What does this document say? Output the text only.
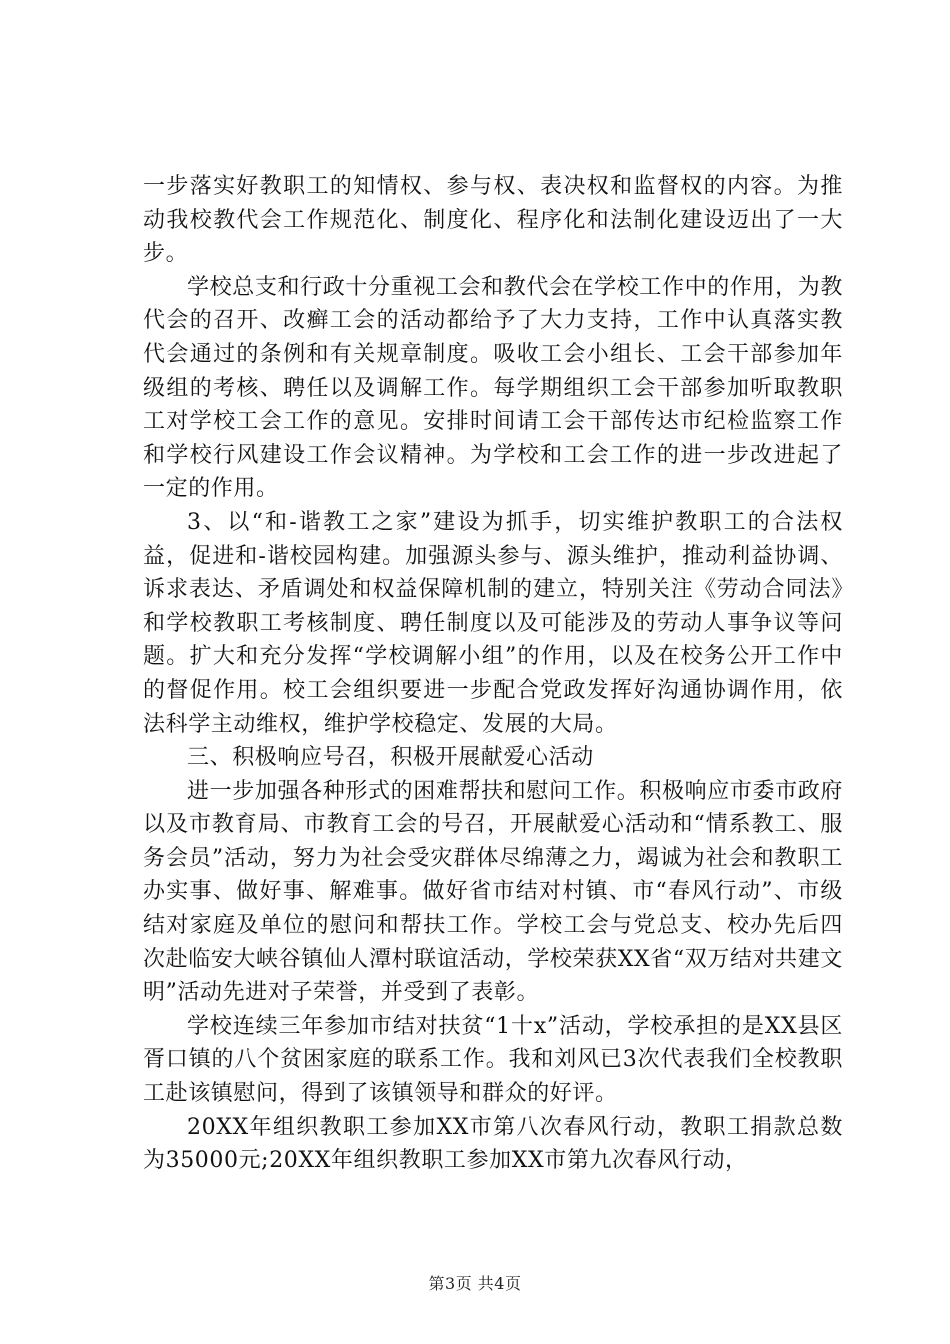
一步落实好教职工的知情权、参与权、表决权和监督权的内容。为推动我校教代会工作规范化、制度化、程序化和法制化建设迈出了一大步。

学校总支和行政十分重视工会和教代会在学校工作中的作用，为教代会的召开、改癣工会的活动都给予了大力支持，工作中认真落实教代会通过的条例和有关规章制度。吸收工会小组长、工会干部参加年级组的考核、聘任以及调解工作。每学期组织工会干部参加听取教职工对学校工会工作的意见。安排时间请工会干部传达市纪检监察工作和学校行风建设工作会议精神。为学校和工会工作的进一步改进起了一定的作用。

3、以“和-谐教工之家”建设为抓手，切实维护教职工的合法权益，促进和-谐校园构建。加强源头参与、源头维护，推动利益协调、诉求表达、矛盾调处和权益保障机制的建立，特别关注《劳动合同法》和学校教职工考核制度、聘任制度以及可能涉及的劳动人事争议等问题。扩大和充分发挥“学校调解小组”的作用，以及在校务公开工作中的督促作用。校工会组织要进一步配合党政发挥好沟通协调作用，依法科学主动维权，维护学校稳定、发展的大局。

三、积极响应号召，积极开展献爱心活动

进一步加强各种形式的困难帮扶和慰问工作。积极响应市委市政府以及市教育局、市教育工会的号召，开展献爱心活动和“情系教工、服务会员”活动，努力为社会受灾群体尽绵薄之力，竭诚为社会和教职工办实事、做好事、解难事。做好省市结对村镇、市“春风行动”、市级结对家庭及单位的慰问和帮扶工作。学校工会与党总支、校办先后四次赴临安大峡谷镇仙人潭村联谊活动，学校荣获XX省“双万结对共建文明”活动先进对子荣誉，并受到了表彰。

学校连续三年参加市结对扶贫“1十x”活动，学校承担的是XX县区胥口镇的八个贫困家庭的联系工作。我和刘风已3次代表我们全校教职工赴该镇慰问，得到了该镇领导和群众的好评。

20XX年组织教职工参加XX市第八次春风行动，教职工捐款总数为35000元;20XX年组织教职工参加XX市第九次春风行动，

第3页 共4页
